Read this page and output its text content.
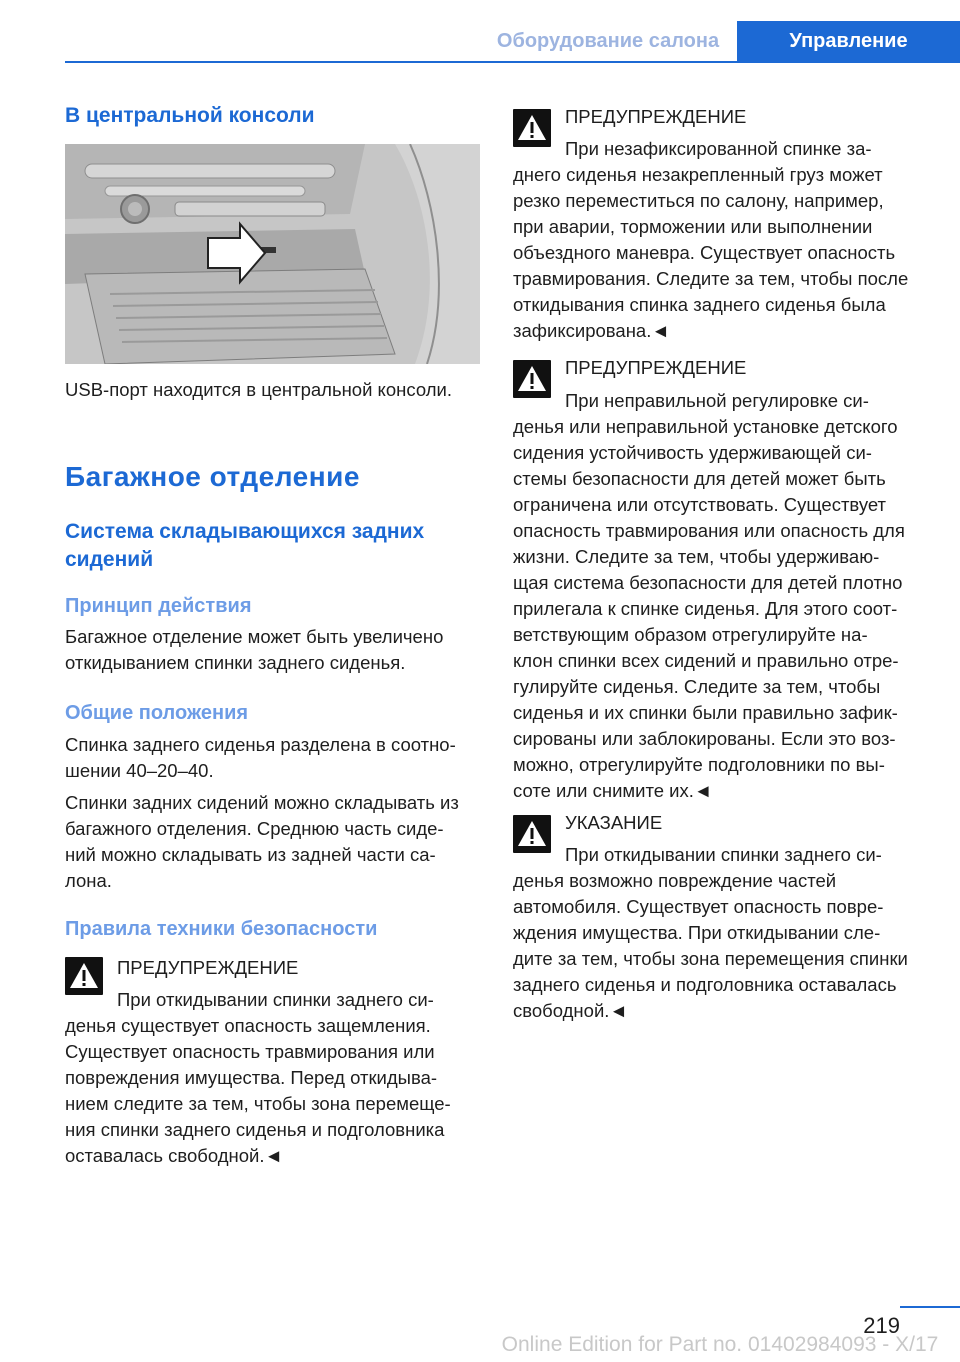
Оборудование салона	Управление
В центральной консоли
USB-порт находится в центральной консоли.
Багажное отделение
Система складывающихся задних
сидений
Принцип действия
Багажное отделение может быть увеличено
откидыванием спинки заднего сиденья.
Общие положения
Спинка заднего сиденья разделена в соотно‐
шении 40–20–40.
Спинки задних сидений можно складывать из
багажного отделения. Среднюю часть сиде‐
ний можно складывать из задней части са‐
лона.
Правила техники безопасности
ПРЕДУПРЕЖДЕНИЕ
При откидывании спинки заднего си‐
денья существует опасность защемления.
Существует опасность травмирования или
повреждения имущества. Перед откидыва‐
нием следите за тем, чтобы зона перемеще‐
ния спинки заднего сиденья и подголовника
оставалась свободной.◄
ПРЕДУПРЕЖДЕНИЕ
При незафиксированной спинке за‐
днего сиденья незакрепленный груз может
резко переместиться по салону, например,
при аварии, торможении или выполнении
объездного маневра. Существует опасность
травмирования. Следите за тем, чтобы после
откидывания спинка заднего сиденья была
зафиксирована.◄
ПРЕДУПРЕЖДЕНИЕ
При неправильной регулировке си‐
денья или неправильной установке детского
сидения устойчивость удерживающей си‐
стемы безопасности для детей может быть
ограничена или отсутствовать. Существует
опасность травмирования или опасность для
жизни. Следите за тем, чтобы удерживаю‐
щая система безопасности для детей плотно
прилегала к спинке сиденья. Для этого соот‐
ветствующим образом отрегулируйте на‐
клон спинки всех сидений и правильно отре‐
гулируйте сиденья. Следите за тем, чтобы
сиденья и их спинки были правильно зафик‐
сированы или заблокированы. Если это воз‐
можно, отрегулируйте подголовники по вы‐
соте или снимите их.◄
УКАЗАНИЕ
При откидывании спинки заднего си‐
денья возможно повреждение частей
автомобиля. Существует опасность повре‐
ждения имущества. При откидывании сле‐
дите за тем, чтобы зона перемещения спинки
заднего сиденья и подголовника оставалась
свободной.◄
219
Online Edition for Part no. 01402984093 - X/17
